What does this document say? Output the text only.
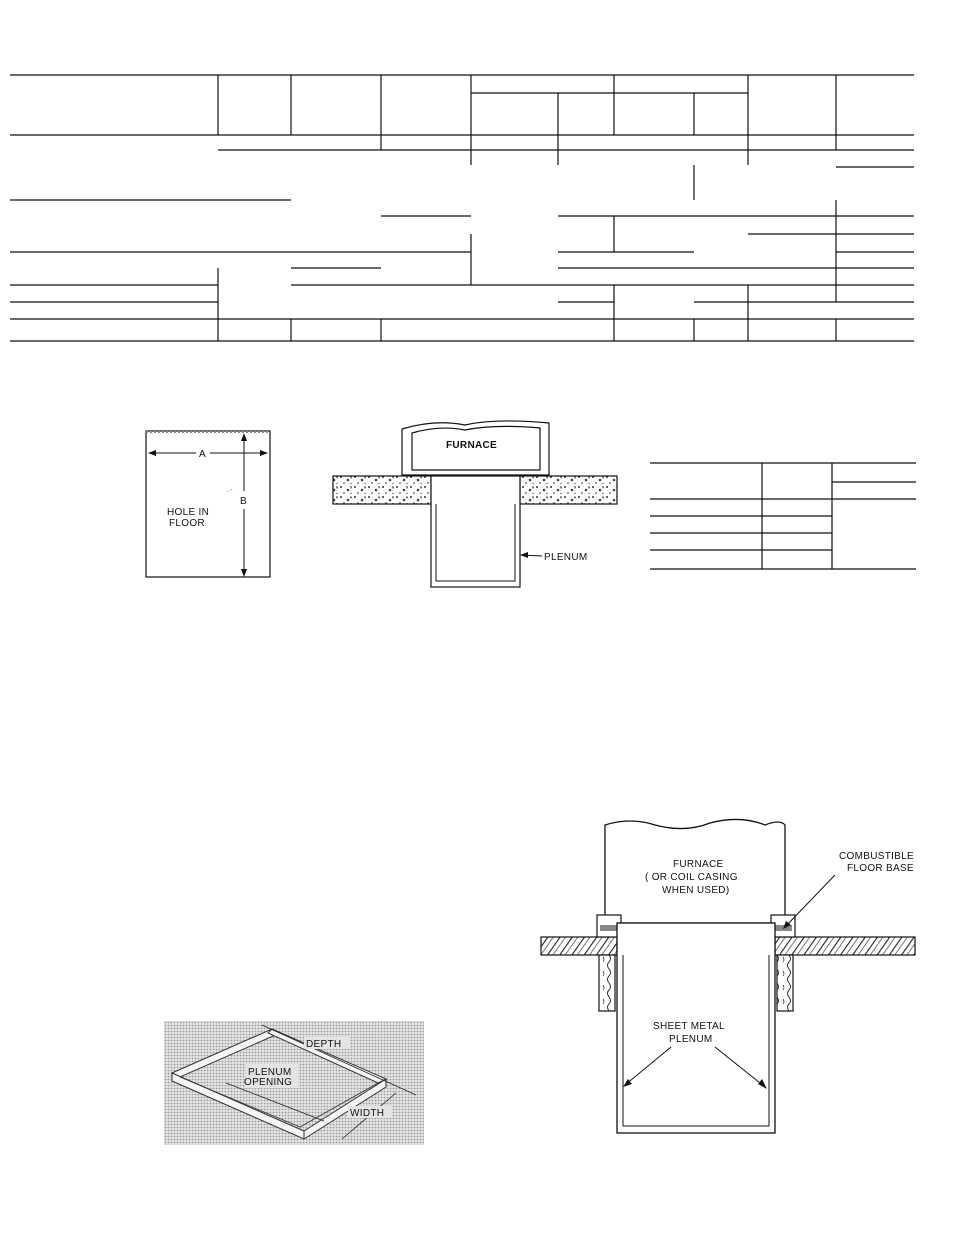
A
B
HOLE IN
FLOOR
FURNACE
PLENUM
DEPTH
PLENUM
OPENING
WIDTH
FURNACE
( OR COIL CASING
WHEN USED)
SHEET METAL
PLENUM
COMBUSTIBLE
FLOOR BASE
